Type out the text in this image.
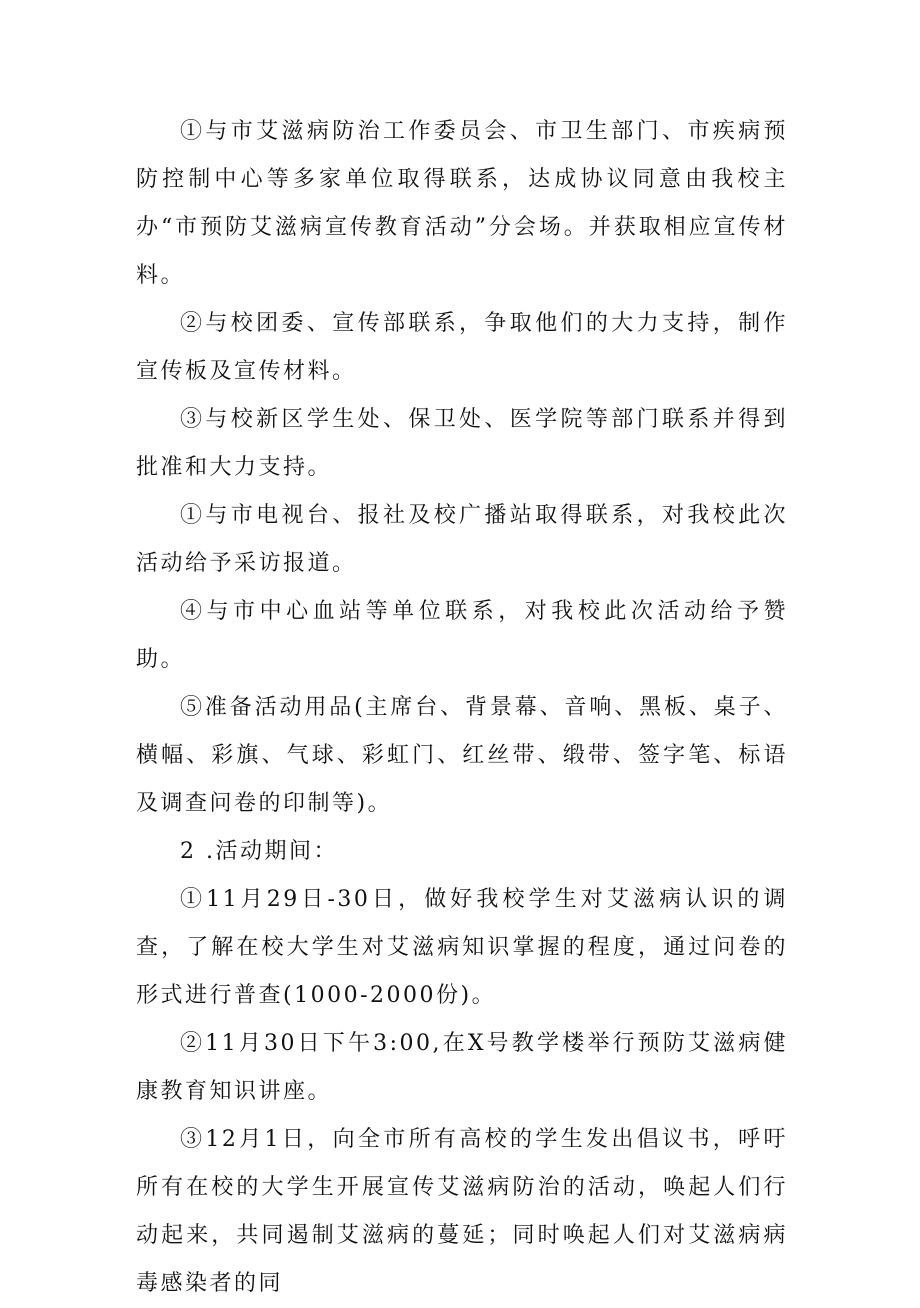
①与市艾滋病防治工作委员会、市卫生部门、市疾病预防控制中心等多家单位取得联系，达成协议同意由我校主办“市预防艾滋病宣传教育活动”分会场。并获取相应宣传材料。

②与校团委、宣传部联系，争取他们的大力支持，制作宣传板及宣传材料。

③与校新区学生处、保卫处、医学院等部门联系并得到批准和大力支持。

①与市电视台、报社及校广播站取得联系，对我校此次活动给予采访报道。

④与市中心血站等单位联系，对我校此次活动给予赞助。

⑤准备活动用品(主席台、背景幕、音响、黑板、桌子、横幅、彩旗、气球、彩虹门、红丝带、缎带、签字笔、标语及调查问卷的印制等)。

2 .活动期间：

①11月29日-30日，做好我校学生对艾滋病认识的调查，了解在校大学生对艾滋病知识掌握的程度，通过问卷的形式进行普查(1000-2000份)。

②11月30日下午3:00,在X号教学楼举行预防艾滋病健康教育知识讲座。

③12月1日，向全市所有高校的学生发出倡议书，呼吁所有在校的大学生开展宣传艾滋病防治的活动，唤起人们行动起来，共同遏制艾滋病的蔓延；同时唤起人们对艾滋病病毒感染者的同
